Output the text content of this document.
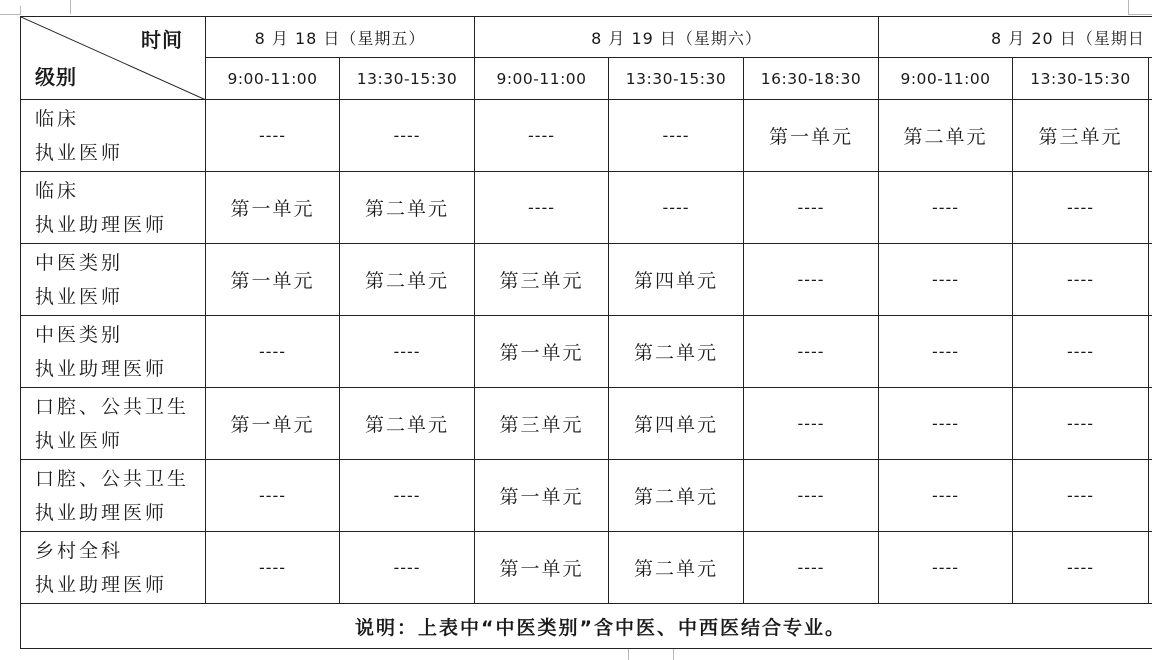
时间
级别	8 月 18 日（星期五）		8 月 19 日（星期六）			8 月 20 日（星期日		
	9:00-11:00	13:30-15:30	9:00-11:00	13:30-15:30	16:30-18:30	9:00-11:00	13:30-15:30	

临床
执业医师	----	----	----	----	第一单元	第二单元	第三单元	

临床
执业助理医师	第一单元	第二单元	----	----	----	----	----	

中医类别
执业医师	第一单元	第二单元	第三单元	第四单元	----	----	----	

中医类别
执业助理医师	----	----	第一单元	第二单元	----	----	----	

口腔、公共卫生
执业医师	第一单元	第二单元	第三单元	第四单元	----	----	----	

口腔、公共卫生
执业助理医师	----	----	第一单元	第二单元	----	----	----	

乡村全科
执业助理医师	----	----	第一单元	第二单元	----	----	----	
说明：上表中“中医类别”含中医、中西医结合专业。								
